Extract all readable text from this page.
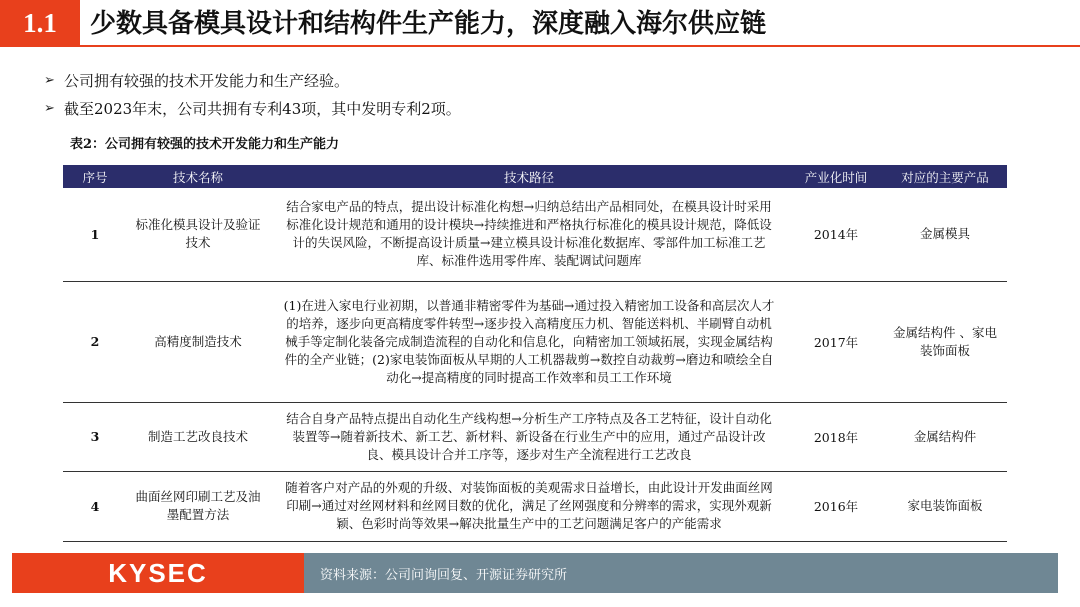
1.1	少数具备模具设计和结构件生产能力，深度融入海尔供应链
➢ 公司拥有较强的技术开发能力和生产经验。
➢ 截至2023年末，公司共拥有专利43项，其中发明专利2项。
表2：公司拥有较强的技术开发能力和生产能力
序号	技术名称	技术路径	产业化时间	对应的主要产品
1	标准化模具设计及验证技术	结合家电产品的特点，提出设计标准化构想→归纳总结出产品相同处，在模具设计时采用标准化设计规范和通用的设计模块→持续推进和严格执行标准化的模具设计规范，降低设计的失误风险，不断提高设计质量→建立模具设计标准化数据库、零部件加工标准工艺库、标准件选用零件库、装配调试问题库	2014年	金属模具
2	高精度制造技术	(1)在进入家电行业初期，以普通非精密零件为基础→通过投入精密加工设备和高层次人才的培养，逐步向更高精度零件转型→逐步投入高精度压力机、智能送料机、半刷臂自动机械手等定制化装备完成制造流程的自动化和信息化，向精密加工领域拓展，实现金属结构件的全产业链；(2)家电装饰面板从早期的人工机器裁剪→数控自动裁剪→磨边和喷绘全自动化→提高精度的同时提高工作效率和员工工作环境	2017年	金属结构件 、家电装饰面板
3	制造工艺改良技术	结合自身产品特点提出自动化生产线构想→分析生产工序特点及各工艺特征，设计自动化装置等→随着新技术、新工艺、新材料、新设备在行业生产中的应用，通过产品设计改良、模具设计合并工序等，逐步对生产全流程进行工艺改良	2018年	金属结构件
4	曲面丝网印刷工艺及油墨配置方法	随着客户对产品的外观的升级、对装饰面板的美观需求日益增长，由此设计开发曲面丝网印刷→通过对丝网材料和丝网目数的优化，满足了丝网强度和分辨率的需求，实现外观新颖、色彩时尚等效果→解决批量生产中的工艺问题满足客户的产能需求	2016年	家电装饰面板
KYSEC	资料来源：公司问询回复、开源证券研究所
